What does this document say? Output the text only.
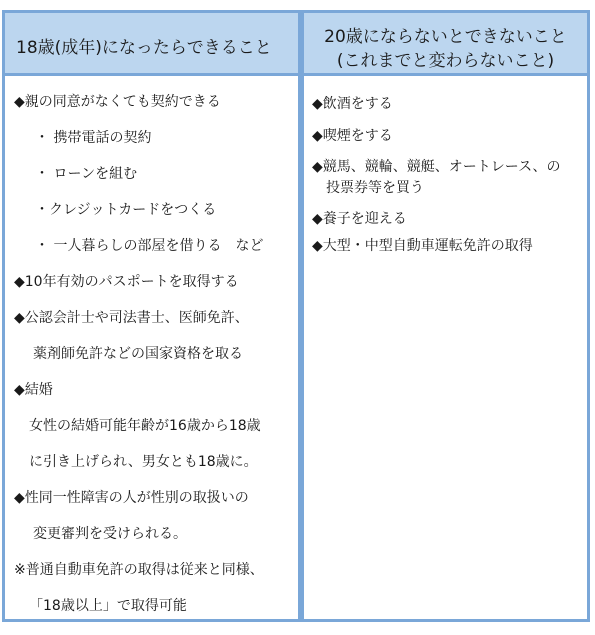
18歳(成年)になったらできること
◆親の同意がなくても契約できる
・ 携帯電話の契約
・ ローンを組む
・クレジットカードをつくる
・ 一人暮らしの部屋を借りる　など
◆10年有効のパスポートを取得する
◆公認会計士や司法書士、医師免許、
薬剤師免許などの国家資格を取る
◆結婚
女性の結婚可能年齢が16歳から18歳
に引き上げられ、男女とも18歳に。
◆性同一性障害の人が性別の取扱いの
変更審判を受けられる。
※普通自動車免許の取得は従来と同様、
「18歳以上」で取得可能
20歳にならないとできないこと
(これまでと変わらないこと)
◆飲酒をする
◆喫煙をする
◆競馬、競輪、競艇、オートレース、の
投票券等を買う
◆養子を迎える
◆大型・中型自動車運転免許の取得
